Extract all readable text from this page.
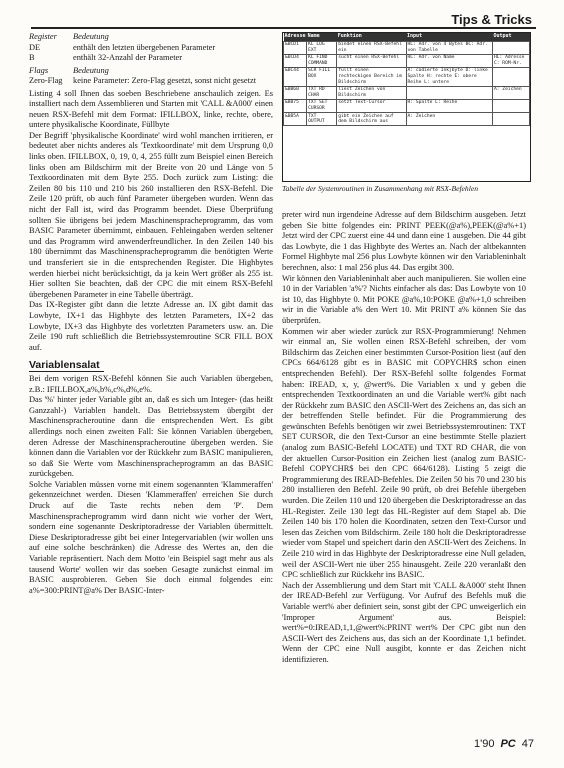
Tips & Tricks
Register	Bedeutung
DE	enthält den letzten übergebenen Parameter
B	enthält 32-Anzahl der Parameter
Flags	Bedeutung
Zero-Flag	keine Parameter: Zero-Flag gesetzt, sonst nicht gesetzt

Listing 4 soll Ihnen das soeben Beschriebene anschaulich zeigen. Es installiert nach dem Assemblieren und Starten mit 'CALL &A000' einen neuen RSX-Befehl mit dem Format: IFILLBOX, linke, rechte, obere, untere physikalische Koordinate, Füllbyte

Der Begriff 'physikalische Koordinate' wird wohl manchen irritieren, er bedeutet aber nichts anderes als 'Textkoordinate' mit dem Ursprung 0,0 links oben. IFILLBOX, 0, 19, 0, 4, 255 füllt zum Beispiel einen Bereich links oben am Bildschirm mit der Breite von 20 und Länge von 5 Textkoordinaten mit dem Byte 255. Doch zurück zum Listing: die Zeilen 80 bis 110 und 210 bis 260 installieren den RSX-Befehl. Die Zeile 120 prüft, ob auch fünf Parameter übergeben wurden. Wenn das nicht der Fall ist, wird das Programm beendet. Diese Überprüfung sollten Sie übrigens bei jedem Maschinenspracheprogramm, das vom BASIC Parameter übernimmt, einbauen. Fehleingaben werden seltener und das Programm wird anwenderfreundlicher. In den Zeilen 140 bis 180 übernimmt das Maschinenspracheprogramm die benötigten Werte und transferiert sie in die entsprechenden Register. Die Highbytes werden hierbei nicht berücksichtigt, da ja kein Wert größer als 255 ist. Hier sollten Sie beachten, daß der CPC die mit einem RSX-Befehl übergebenen Parameter in eine Tabelle überträgt.

Das IX-Register gibt dann die letzte Adresse an. IX gibt damit das Lowbyte, IX+1 das Highbyte des letzten Parameters, IX+2 das Lowbyte, IX+3 das Highbyte des vorletzten Parameters usw. an. Die Zeile 190 ruft schließlich die Betriebssystemroutine SCR FILL BOX auf.

Variablensalat

Bei dem vorigen RSX-Befehl können Sie auch Variablen übergeben, z.B.: IFILLBOX,a%,b%,c%,d%,e%.

Das '%' hinter jeder Variable gibt an, daß es sich um Integer- (das heißt Ganzzahl-) Variablen handelt. Das Betriebssystem übergibt der Maschinenspracheroutine dann die entsprechenden Wert. Es gibt allerdings noch einen zweiten Fall: Sie können Variablen übergeben, deren Adresse der Maschinenspracheroutine übergeben werden. Sie können dann die Variablen vor der Rückkehr zum BASIC manipulieren, so daß Sie Werte vom Maschinenspracheprogramm an das BASIC zurückgeben.

Solche Variablen müssen vorne mit einem sogenannten 'Klammeraffen' gekennzeichnet werden. Diesen 'Klammeraffen' erreichen Sie durch Druck auf die Taste rechts neben dem 'P'. Dem Maschinenspracheprogramm wird dann nicht wie vorher der Wert, sondern eine sogenannte Deskriptoradresse der Variablen übermittelt. Diese Deskriptoradresse gibt bei einer Integervariablen (wir wollen uns auf eine solche beschränken) die Adresse des Wertes an, den die Variable repräsentiert. Nach dem Motto 'ein Beispiel sagt mehr aus als tausend Worte' wollen wir das soeben Gesagte zunächst einmal im BASIC ausprobieren. Geben Sie doch einmal folgendes ein: a%=300:PRINT@a% Der BASIC-Inter-

Adresse	Name	Funktion	Input	Output
&BCD1	KL LOG EXT	bindet einen RSX-Befehl ein	HL: Adr. von 4 Bytes BC: Adr. von Tabelle	
&BCD4	KL FIND COMMAND	sucht einen RSX-Befehl	HL: Adr. von Name	HL: Adresse C: ROM-Nr.
&BC44	SCR FILL BOX	füllt einen rechteckigen Bereich im Bildschirm	A: codierte Inkjbyte D: linke Spalte H: rechte E: obere Reihe L: untere	
&BB60	TXT RD CHAR	liest Zeichen von Bildschirm		A: Zeichen
&BB75	TXT SET CURSOR	setzt Text-Cursor	H: Spalte L: Reihe	
&BB5A	TXT OUTPUT	gibt ein Zeichen auf dem Bildschirm aus	A: Zeichen	
Tabelle der Systemroutinen in Zusammenhang mit RSX-Befehlen

preter wird nun irgendeine Adresse auf dem Bildschirm ausgeben. Jetzt geben Sie bitte folgendes ein: PRINT PEEK(@a%),PEEK(@a%+1) Jetzt wird der CPC zuerst eine 44 und dann eine 1 ausgeben. Die 44 gibt das Lowbyte, die 1 das Highbyte des Wertes an. Nach der altbekannten Formel Highbyte mal 256 plus Lowbyte können wir den Variableninhalt berechnen, also: 1 mal 256 plus 44. Das ergibt 300.

Wir können den Variableninhalt aber auch manipulieren. Sie wollen eine 10 in der Variablen 'a%'? Nichts einfacher als das: Das Lowbyte von 10 ist 10, das Highbyte 0. Mit POKE @a%,10:POKE @a%+1,0 schreiben wir in die Variable a% den Wert 10. Mit PRINT a% können Sie das überprüfen.

Kommen wir aber wieder zurück zur RSX-Programmierung! Nehmen wir einmal an, Sie wollen einen RSX-Befehl schreiben, der vom Bildschirm das Zeichen einer bestimmten Cursor-Position liest (auf den CPCs 664/6128 gibt es in BASIC mit COPYCHR$ schon einen entsprechenden Befehl). Der RSX-Befehl sollte folgendes Format haben: IREAD, x, y, @wert%. Die Variablen x und y geben die entsprechenden Textkoordinaten an und die Variable wert% gibt nach der Rückkehr zum BASIC den ASCII-Wert des Zeichens an, das sich an der betreffenden Stelle befindet. Für die Programmierung des gewünschten Befehls benötigen wir zwei Betriebssystemroutinen: TXT SET CURSOR, die den Text-Cursor an eine bestimmte Stelle plaziert (analog zum BASIC-Befehl LOCATE) und TXT RD CHAR, die von der aktuellen Cursor-Position ein Zeichen liest (analog zum BASIC-Befehl COPYCHR$ bei den CPC 664/6128). Listing 5 zeigt die Programmierung des IREAD-Befehles. Die Zeilen 50 bis 70 und 230 bis 280 installieren den Befehl. Zeile 90 prüft, ob drei Befehle übergeben wurden. Die Zeilen 110 und 120 übergeben die Deskriptoradresse an das HL-Register. Zeile 130 legt das HL-Register auf dem Stapel ab. Die Zeilen 140 bis 170 holen die Koordinaten, setzen den Text-Cursor und lesen das Zeichen vom Bildschirm. Zeile 180 holt die Deskriptoradresse wieder vom Stapel und speichert darin den ASCII-Wert des Zeichens. In Zeile 210 wird in das Highbyte der Deskriptoradresse eine Null geladen, weil der ASCII-Wert nie über 255 hinausgeht. Zeile 220 veranlaßt den CPC schließlich zur Rückkehr ins BASIC.

Nach der Assemblierung und dem Start mit 'CALL &A000' steht Ihnen der IREAD-Befehl zur Verfügung. Vor Aufruf des Befehls muß die Variable wert% aber definiert sein, sonst gibt der CPC unweigerlich ein 'Improper Argument' aus. Beispiel: wert%=0:IREAD,1,1,@wert%:PRINT wert% Der CPC gibt nun den ASCII-Wert des Zeichens aus, das sich an der Koordinate 1,1 befindet. Wenn der CPC eine Null ausgibt, konnte er das Zeichen nicht identifizieren.

1'90 PC 47
